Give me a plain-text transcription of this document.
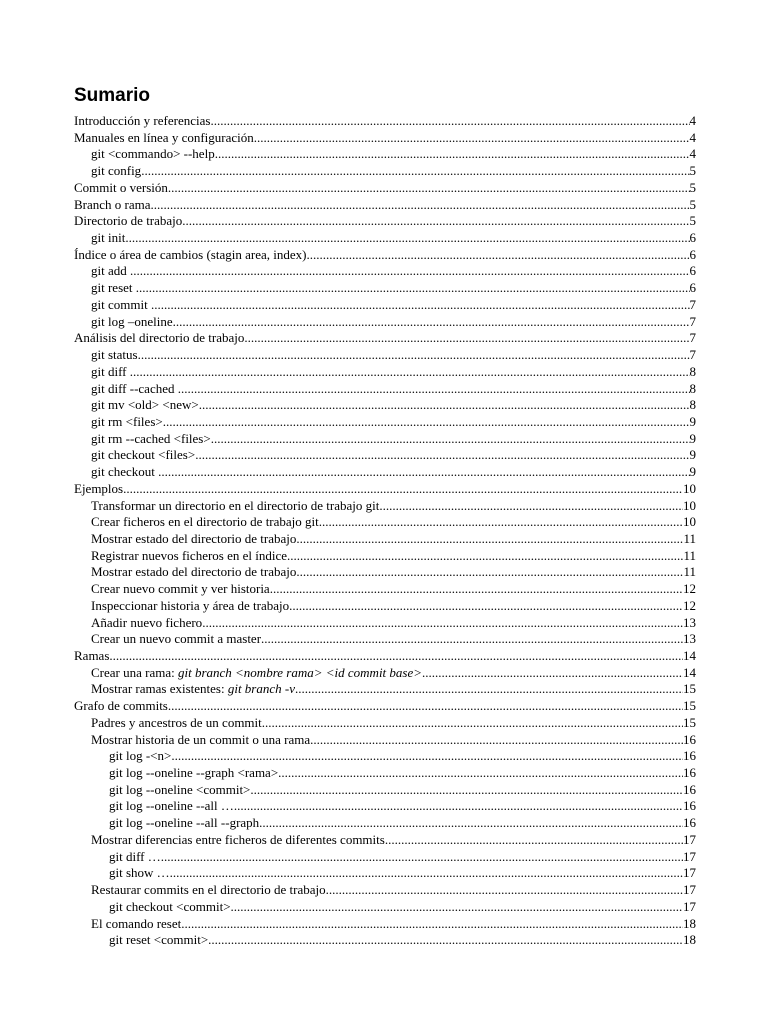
Sumario
Introducción y referencias .....	4
Manuales en línea y configuración .....	4
git <commando> --help .....	4
git config .....	5
Commit o versión .....	5
Branch o rama .....	5
Directorio de trabajo .....	5
git init .....	6
Índice o área de cambios (stagin area, index) .....	6
git add .....	6
git reset .....	6
git commit .....	7
git log –oneline .....	7
Análisis del directorio de trabajo .....	7
git status .....	7
git diff .....	8
git diff --cached .....	8
git mv <old> <new> .....	8
git rm <files> .....	9
git rm --cached <files> .....	9
git checkout <files> .....	9
git checkout .....	9
Ejemplos .....	10
Transformar un directorio en el directorio de trabajo git .....	10
Crear ficheros en el directorio de trabajo git .....	10
Mostrar estado del directorio de trabajo .....	11
Registrar nuevos ficheros en el índice .....	11
Mostrar estado del directorio de trabajo .....	11
Crear nuevo commit y ver historia .....	12
Inspeccionar historia y área de trabajo .....	12
Añadir nuevo fichero .....	13
Crear un nuevo commit a master .....	13
Ramas .....	14
Crear una rama: git branch <nombre rama> <id commit base> .....	14
Mostrar ramas existentes: git branch -v .....	15
Grafo de commits .....	15
Padres y ancestros de un commit .....	15
Mostrar historia de un commit o una rama .....	16
git log -<n> .....	16
git log --oneline --graph <rama> .....	16
git log --oneline <commit> .....	16
git log --oneline --all … .....	16
git log --oneline --all --graph .....	16
Mostrar diferencias entre ficheros de diferentes commits .....	17
git diff … .....	17
git show … .....	17
Restaurar commits en el directorio de trabajo .....	17
git checkout <commit> .....	17
El comando reset .....	18
git reset <commit> .....	18
